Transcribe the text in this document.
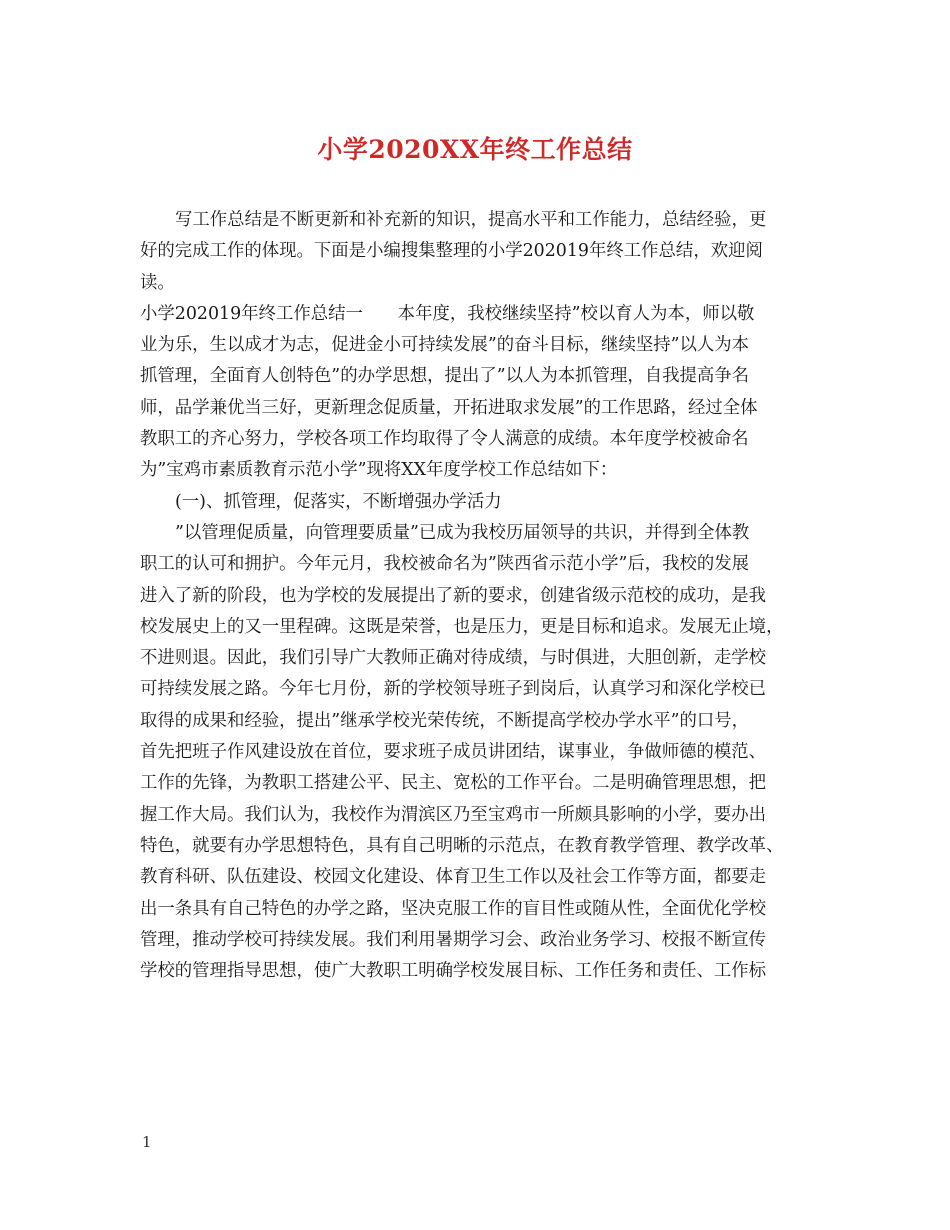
小学2020XX年终工作总结
写工作总结是不断更新和补充新的知识，提高水平和工作能力，总结经验，更
好的完成工作的体现。下面是小编搜集整理的小学202019年终工作总结，欢迎阅
读。
小学202019年终工作总结一　　本年度，我校继续坚持”校以育人为本，师以敬
业为乐，生以成才为志，促进金小可持续发展”的奋斗目标，继续坚持”以人为本
抓管理，全面育人创特色”的办学思想，提出了”以人为本抓管理，自我提高争名
师，品学兼优当三好，更新理念促质量，开拓进取求发展”的工作思路，经过全体
教职工的齐心努力，学校各项工作均取得了令人满意的成绩。本年度学校被命名
为”宝鸡市素质教育示范小学”现将XX年度学校工作总结如下：
(一)、抓管理，促落实，不断增强办学活力
”以管理促质量，向管理要质量”已成为我校历届领导的共识，并得到全体教
职工的认可和拥护。今年元月，我校被命名为”陕西省示范小学”后，我校的发展
进入了新的阶段，也为学校的发展提出了新的要求，创建省级示范校的成功，是我
校发展史上的又一里程碑。这既是荣誉，也是压力，更是目标和追求。发展无止境，
不进则退。因此，我们引导广大教师正确对待成绩，与时俱进，大胆创新，走学校
可持续发展之路。今年七月份，新的学校领导班子到岗后，认真学习和深化学校已
取得的成果和经验，提出”继承学校光荣传统，不断提高学校办学水平”的口号，
首先把班子作风建设放在首位，要求班子成员讲团结，谋事业，争做师德的模范、
工作的先锋，为教职工搭建公平、民主、宽松的工作平台。二是明确管理思想，把
握工作大局。我们认为，我校作为渭滨区乃至宝鸡市一所颇具影响的小学，要办出
特色，就要有办学思想特色，具有自己明晰的示范点，在教育教学管理、教学改革、
教育科研、队伍建设、校园文化建设、体育卫生工作以及社会工作等方面，都要走
出一条具有自己特色的办学之路，坚决克服工作的盲目性或随从性，全面优化学校
管理，推动学校可持续发展。我们利用暑期学习会、政治业务学习、校报不断宣传
学校的管理指导思想，使广大教职工明确学校发展目标、工作任务和责任、工作标
1
